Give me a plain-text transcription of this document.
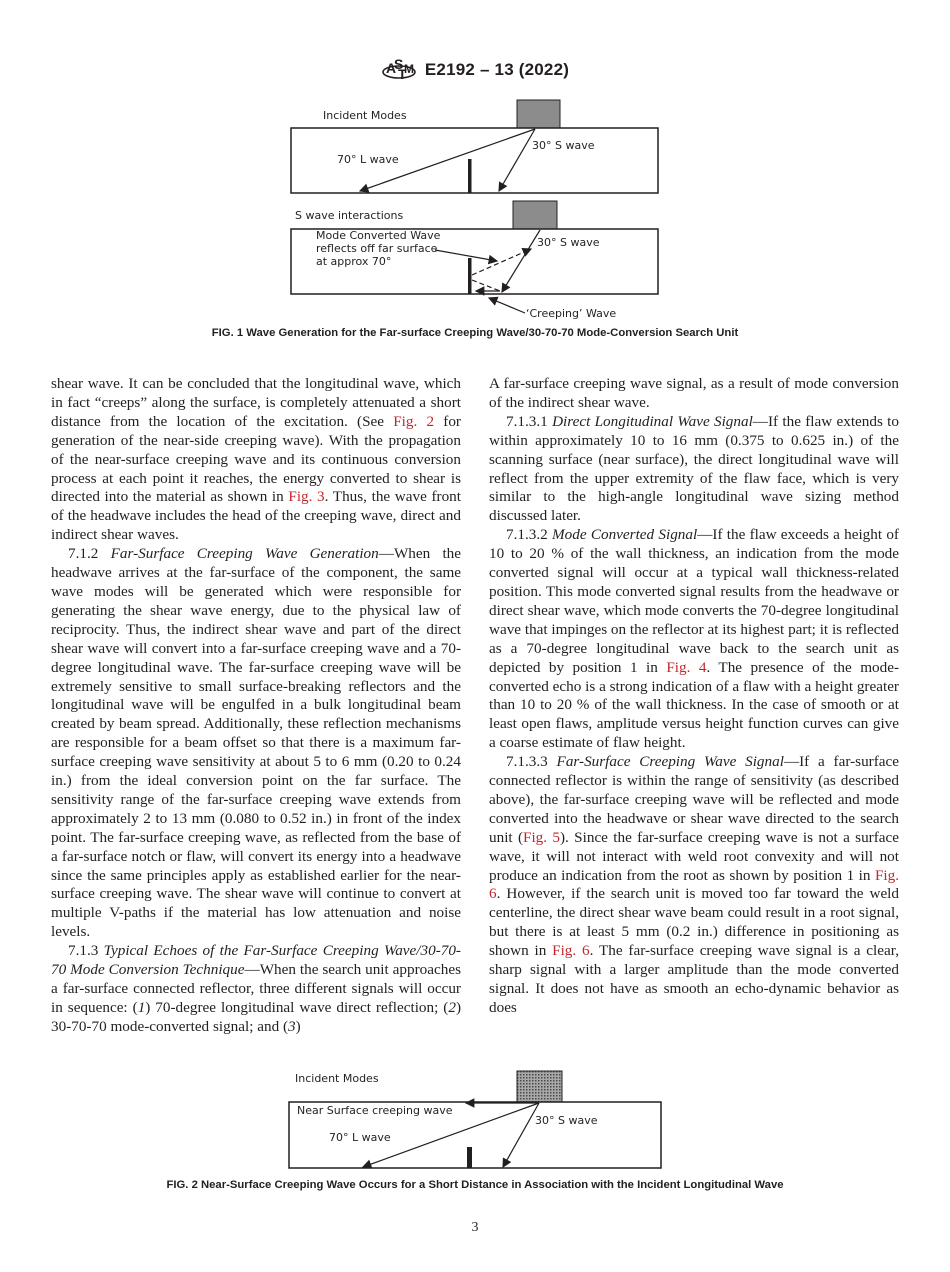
A
S
T
M E2192 – 13 (2022)
Incident Modes
70° L wave
30° S wave
S wave interactions
Mode Converted Wave
reflects off far surface
at approx 70°
30° S wave
‘Creeping’ Wave
FIG. 1 Wave Generation for the Far-surface Creeping Wave/30-70-70 Mode-Conversion Search Unit

shear wave. It can be concluded that the longitudinal wave, which in fact “creeps” along the surface, is completely attenuated a short distance from the location of the excitation. (See Fig. 2 for generation of the near-side creeping wave). With the propagation of the near-surface creeping wave and its continuous conversion process at each point it reaches, the energy converted to shear is directed into the material as shown in Fig. 3. Thus, the wave front of the headwave includes the head of the creeping wave, direct and indirect shear waves.

7.1.2 Far-Surface Creeping Wave Generation—When the headwave arrives at the far-surface of the component, the same wave modes will be generated which were responsible for generating the shear wave energy, due to the physical law of reciprocity. Thus, the indirect shear wave and part of the direct shear wave will convert into a far-surface creeping wave and a 70-degree longitudinal wave. The far-surface creeping wave will be extremely sensitive to small surface-breaking reflectors and the longitudinal wave will be engulfed in a bulk longitudinal beam created by beam spread. Additionally, these reflection mechanisms are responsible for a beam offset so that there is a maximum far-surface creeping wave sensitivity at about 5 to 6 mm (0.20 to 0.24 in.) from the ideal conversion point on the far surface. The sensitivity range of the far-surface creeping wave extends from approximately 2 to 13 mm (0.080 to 0.52 in.) in front of the index point. The far-surface creeping wave, as reflected from the base of a far-surface notch or flaw, will convert its energy into a headwave since the same principles apply as established earlier for the near-surface creeping wave. The shear wave will continue to convert at multiple V-paths if the material has low attenuation and noise levels.

7.1.3 Typical Echoes of the Far-Surface Creeping Wave/30-70-70 Mode Conversion Technique—When the search unit approaches a far-surface connected reflector, three different signals will occur in sequence: (1) 70-degree longitudinal wave direct reflection; (2) 30-70-70 mode-converted signal; and (3)

A far-surface creeping wave signal, as a result of mode conversion of the indirect shear wave.

7.1.3.1 Direct Longitudinal Wave Signal—If the flaw extends to within approximately 10 to 16 mm (0.375 to 0.625 in.) of the scanning surface (near surface), the direct longitudinal wave will reflect from the upper extremity of the flaw face, which is very similar to the high-angle longitudinal wave sizing method discussed later.

7.1.3.2 Mode Converted Signal—If the flaw exceeds a height of 10 to 20 % of the wall thickness, an indication from the mode converted signal will occur at a typical wall thickness-related position. This mode converted signal results from the headwave or direct shear wave, which mode converts the 70-degree longitudinal wave that impinges on the reflector at its highest part; it is reflected as a 70-degree longitudinal wave back to the search unit as depicted by position 1 in Fig. 4. The presence of the mode-converted echo is a strong indication of a flaw with a height greater than 10 to 20 % of the wall thickness. In the case of smooth or at least open flaws, amplitude versus height function curves can give a coarse estimate of flaw height.

7.1.3.3 Far-Surface Creeping Wave Signal—If a far-surface connected reflector is within the range of sensitivity (as described above), the far-surface creeping wave will be reflected and mode converted into the headwave or shear wave directed to the search unit (Fig. 5). Since the far-surface creeping wave is not a surface wave, it will not interact with weld root convexity and will not produce an indication from the root as shown by position 1 in Fig. 6. However, if the search unit is moved too far toward the weld centerline, the direct shear wave beam could result in a root signal, but there is at least 5 mm (0.2 in.) difference in positioning as shown in Fig. 6. The far-surface creeping wave signal is a clear, sharp signal with a larger amplitude than the mode converted signal. It does not have as smooth an echo-dynamic behavior as does

Incident Modes
Near Surface creeping wave
70° L wave
30° S wave
FIG. 2 Near-Surface Creeping Wave Occurs for a Short Distance in Association with the Incident Longitudinal Wave
3
